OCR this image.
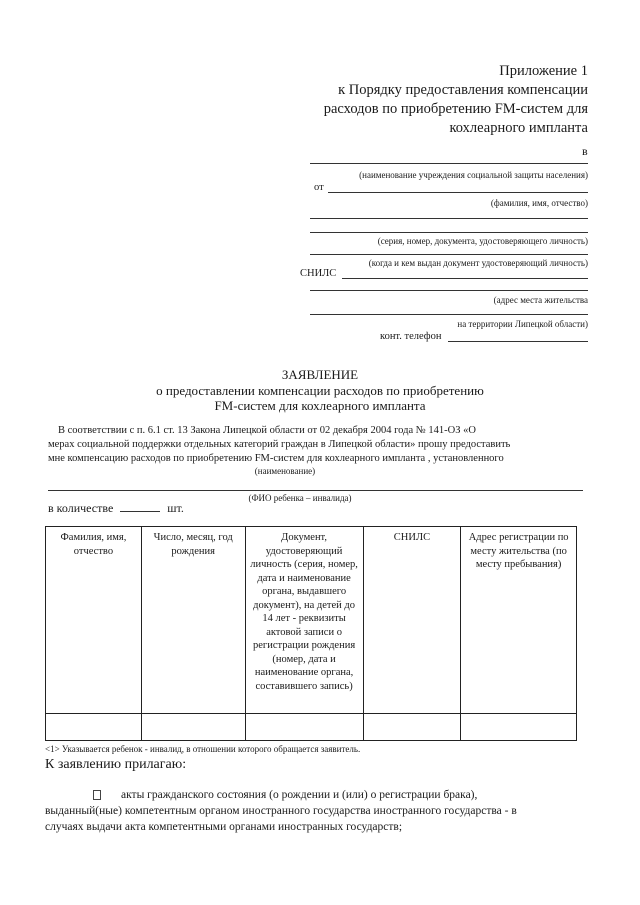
Приложение 1
к Порядку предоставления компенсации
расходов по приобретению FM-систем для
кохлеарного импланта
в
(наименование учреждения социальной защиты населения)
от
(фамилия, имя, отчество)
(серия, номер, документа, удостоверяющего личность)
(когда и кем выдан документ удостоверяющий личность)
СНИЛС
(адрес места жительства
на территории Липецкой области)
конт. телефон
ЗАЯВЛЕНИЕ
о предоставлении компенсации расходов по приобретению
FM-систем для кохлеарного импланта
В соответствии с п. 6.1 ст. 13 Закона Липецкой области от 02 декабря 2004 года № 141-ОЗ «О
мерах социальной поддержки отдельных категорий граждан в Липецкой области» прошу предоставить
мне компенсацию расходов по приобретению FM-систем для кохлеарного импланта , установленного
(наименование)
(ФИО ребенка – инвалида)
в количестве	шт.
Фамилия, имя, отчество	Число, месяц, год рождения	Документ, удостоверяющий личность (серия, номер, дата и наименование органа, выдавшего документ), на детей до 14 лет - реквизиты актовой записи о регистрации рождения (номер, дата и наименование органа, составившего запись)	СНИЛС	Адрес регистрации по месту жительства (по месту пребывания)

<1> Указывается ребенок - инвалид, в отношении которого обращается заявитель.
К заявлению прилагаю:
акты гражданского состояния (о рождении и (или) о регистрации брака),
выданный(ные) компетентным органом иностранного государства иностранного государства - в
случаях выдачи акта компетентными органами иностранных государств;
